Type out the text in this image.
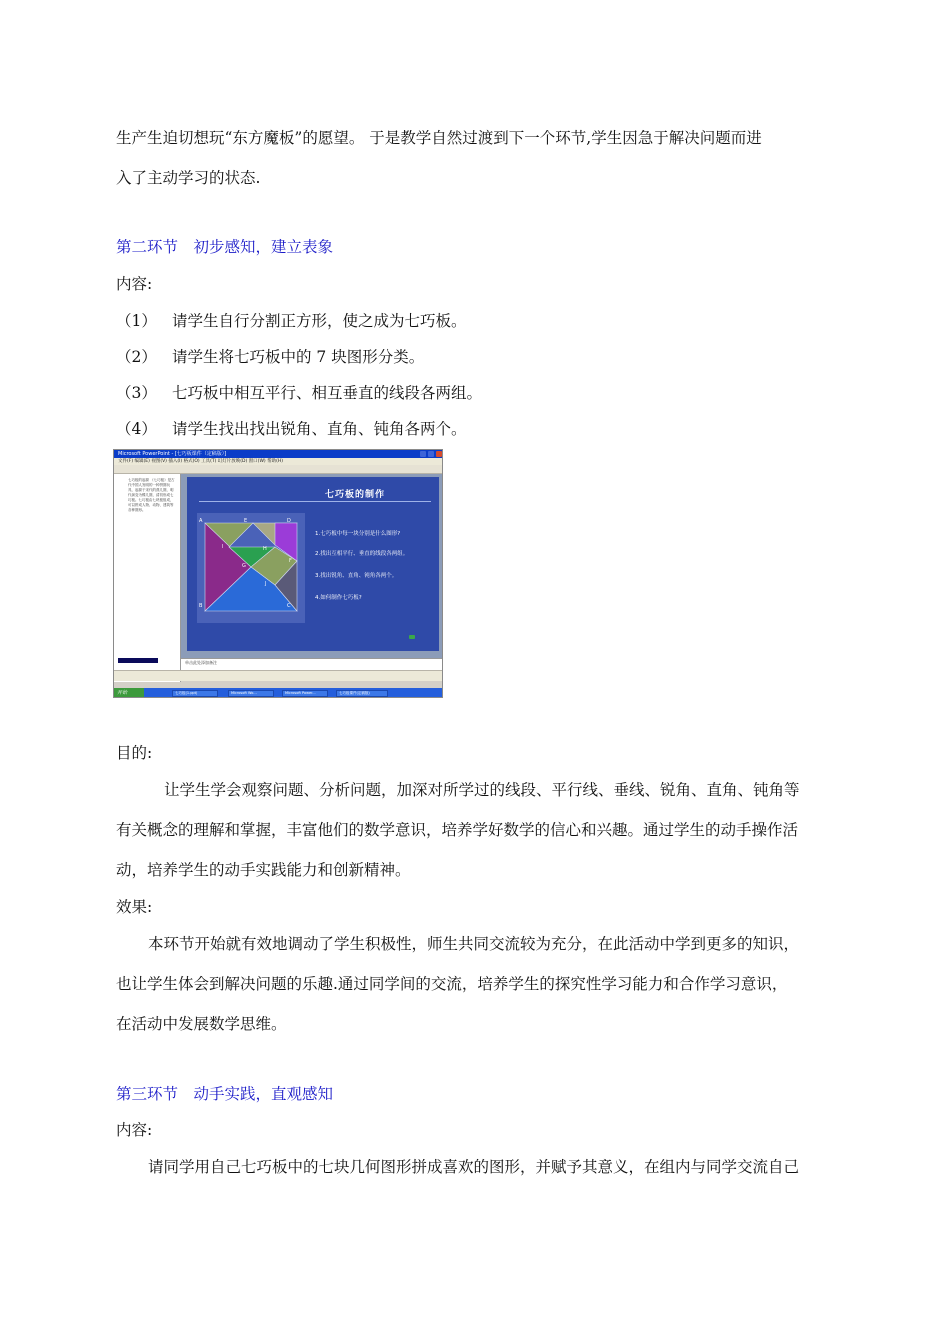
生产生迫切想玩“东方魔板”的愿望。 于是教学自然过渡到下一个环节,学生因急于解决问题而进
入了主动学习的状态.
第二环节　初步感知，建立表象
内容:
（1） 请学生自行分割正方形，使之成为七巧板。
（2） 请学生将七巧板中的 7 块图形分类。
（3） 七巧板中相互平行、相互垂直的线段各两组。
（4） 请学生找出找出锐角、直角、钝角各两个。
Microsoft PowerPoint - [七巧板课件（定稿版）]
文件(F) 编辑(E) 视图(V) 插入(I) 格式(O) 工具(T) 幻灯片放映(D) 窗口(W) 帮助(H)
七巧板的起源 《七巧板》是古代中国人发明的一种拼图玩具，起源于宋代的燕几图，明代演变为蝶几图，清初形成七巧板。七巧板由七块板组成，可以拼成人物、动物、建筑等各种图形。
七巧板的制作
A	E	D
I	H
G
F
J
B	C
1.七巧板中每一块分别是什么图形?
2.找出互相平行、垂直的线段各两组。
3.找出锐角、直角、钝角各两个。
4.如何制作七巧板?
单击此处添加备注
开始	七巧板(1.ppt)	Microsoft Wo...	Microsoft Power...	七巧板课件(定稿版)
目的:
让学生学会观察问题、分析问题，加深对所学过的线段、平行线、垂线、锐角、直角、钝角等
有关概念的理解和掌握，丰富他们的数学意识，培养学好数学的信心和兴趣。通过学生的动手操作活
动，培养学生的动手实践能力和创新精神。
效果:
本环节开始就有效地调动了学生积极性，师生共同交流较为充分，在此活动中学到更多的知识，
也让学生体会到解决问题的乐趣.通过同学间的交流，培养学生的探究性学习能力和合作学习意识，
在活动中发展数学思维。
第三环节　动手实践，直观感知
内容:
请同学用自己七巧板中的七块几何图形拼成喜欢的图形，并赋予其意义，在组内与同学交流自己
